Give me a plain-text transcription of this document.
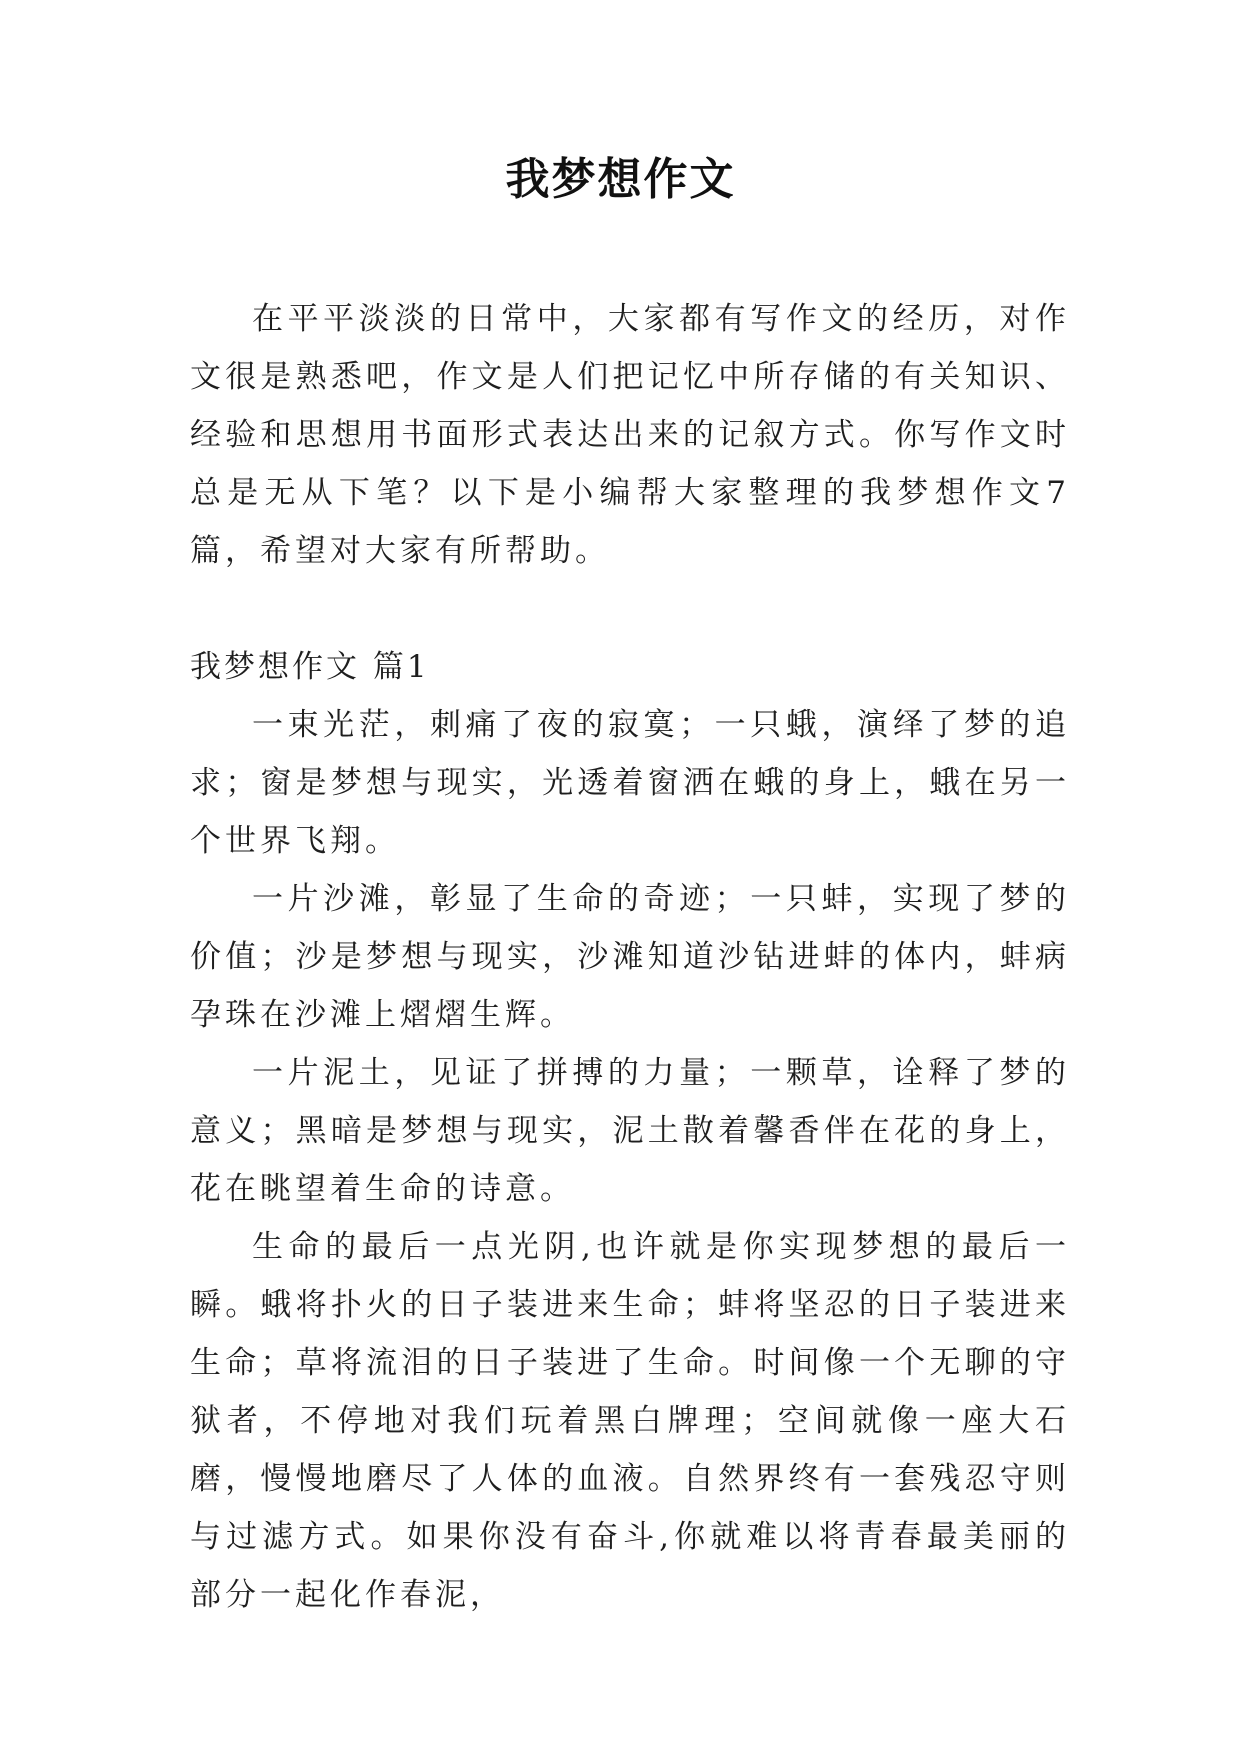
我梦想作文

在平平淡淡的日常中，大家都有写作文的经历，对作文很是熟悉吧，作文是人们把记忆中所存储的有关知识、经验和思想用书面形式表达出来的记叙方式。你写作文时总是无从下笔？以下是小编帮大家整理的我梦想作文7篇，希望对大家有所帮助。

我梦想作文 篇1

一束光茫，刺痛了夜的寂寞；一只蛾，演绎了梦的追求；窗是梦想与现实，光透着窗洒在蛾的身上，蛾在另一个世界飞翔。

一片沙滩，彰显了生命的奇迹；一只蚌，实现了梦的价值；沙是梦想与现实，沙滩知道沙钻进蚌的体内，蚌病孕珠在沙滩上熠熠生辉。

一片泥土，见证了拼搏的力量；一颗草，诠释了梦的意义；黑暗是梦想与现实，泥土散着馨香伴在花的身上，花在眺望着生命的诗意。

生命的最后一点光阴,也许就是你实现梦想的最后一瞬。蛾将扑火的日子装进来生命；蚌将坚忍的日子装进来生命；草将流泪的日子装进了生命。时间像一个无聊的守狱者，不停地对我们玩着黑白牌理；空间就像一座大石磨，慢慢地磨尽了人体的血液。自然界终有一套残忍守则与过滤方式。如果你没有奋斗,你就难以将青春最美丽的部分一起化作春泥，
